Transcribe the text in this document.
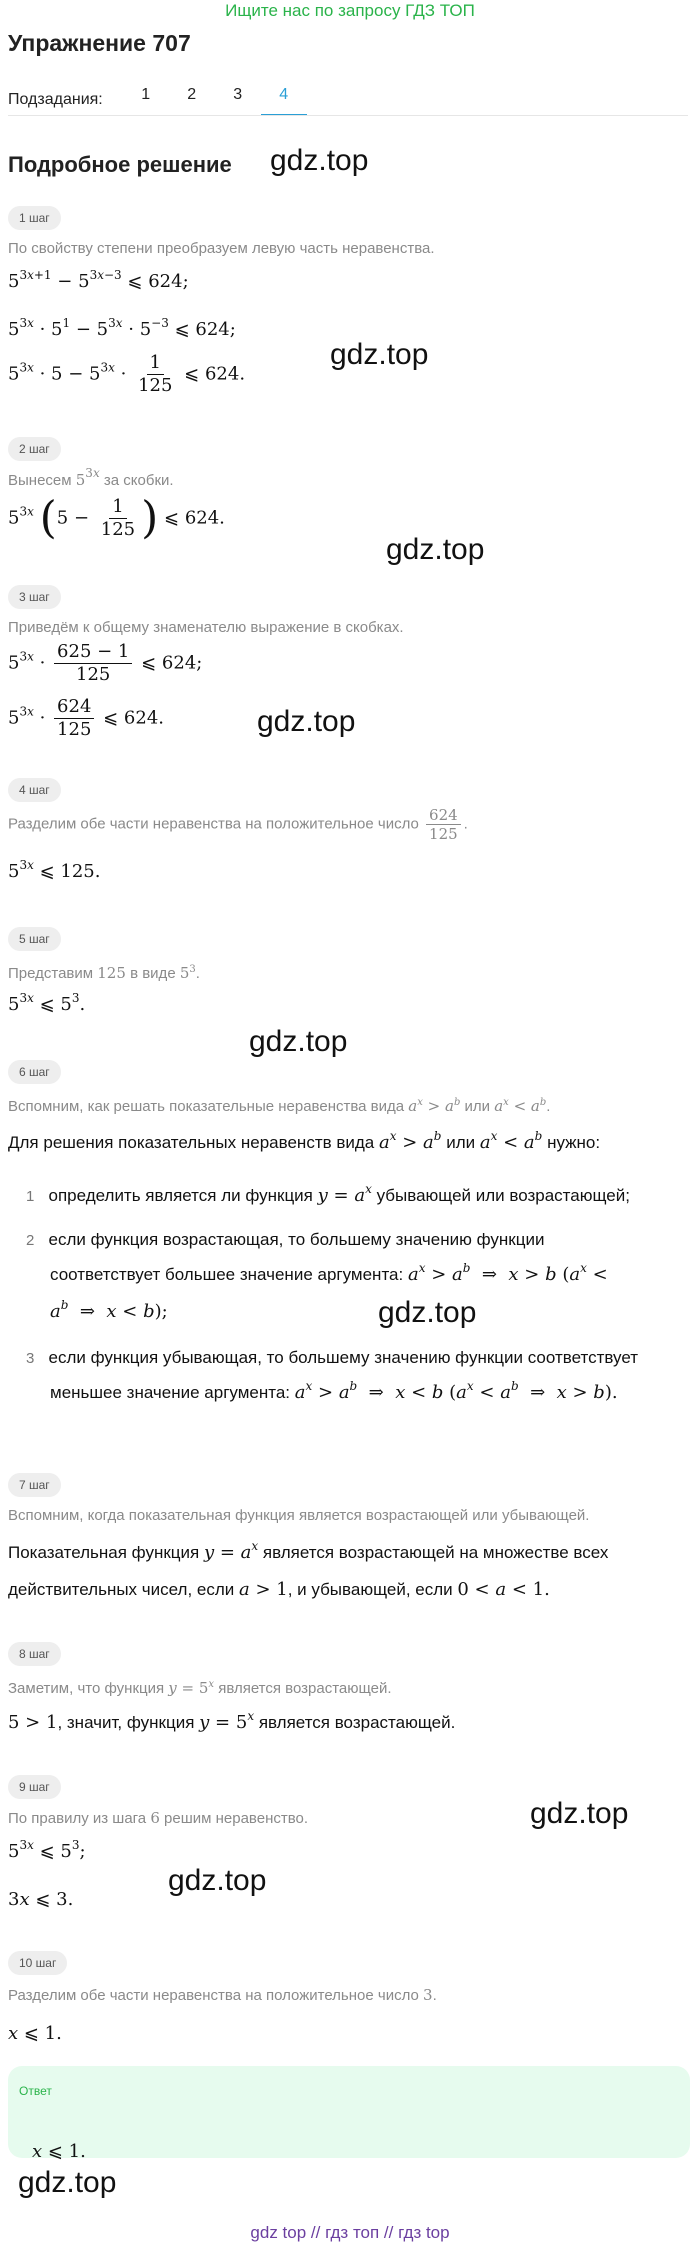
Ищите нас по запросу ГДЗ ТОП
Упражнение 707
Подзадания:	1	2	3	4
Подробное решение gdz.top
gdz.top
gdz.top
gdz.top
gdz.top
gdz.top
gdz.top
gdz.top
gdz.top
1 шаг
По свойству степени преобразуем левую часть неравенства.
$5^{3x+1} - 5^{3x-3}$ ⩽ 624;
$5^{3x} \cdot 5^1 - 5^{3x} \cdot 5^{-3}$ ⩽ 624;
$5^{3x} \cdot 5 - 5^{3x} \cdot \frac{1}{125}$ ⩽ 624.
2 шаг
Вынесем $5^{3x}$ за скобки.
$5^{3x}$ ($5 - \frac{1}{125}$ ) ⩽ 624.
3 шаг
Приведём к общему знаменателю выражение в скобках.
$5^{3x} \cdot \frac{625 - 1}{125}$ ⩽ 624;
$5^{3x} \cdot \frac{624}{125}$ ⩽ 624.
4 шаг
Разделим обе части неравенства на положительное число $\frac{624}{125}$ .
$5^{3x}$ ⩽ 125.
5 шаг
Представим 125 в виде $5^3$.
$5^{3x}$ ⩽ $5^3$.
6 шаг
Вспомним, как решать показательные неравенства вида $a^x > a^b$ или $a^x < a^b$.
Для решения показательных неравенств вида $a^x > a^b$ или $a^x < a^b$ нужно:
1 определить является ли функция $y = a^x$ убывающей или возрастающей;
2 если функция возрастающая, то большему значению функции
соответствует большее значение аргумента: $a^x > a^b$  ⇒  x > b ($a^x$ <
$a^b$  ⇒  x < b);
3 если функция убывающая, то большему значению функции соответствует
меньшее значение аргумента: $a^x > a^b$  ⇒  x < b ($a^x < a^b$  ⇒  x > b).
7 шаг
Вспомним, когда показательная функция является возрастающей или убывающей.
Показательная функция $y = a^x$ является возрастающей на множестве всех
действительных чисел, если a > 1, и убывающей, если 0 < a < 1.
8 шаг
Заметим, что функция $y = 5^x$ является возрастающей.
5 > 1, значит, функция $y = 5^x$ является возрастающей.
9 шаг
По правилу из шага 6 решим неравенство.
$5^{3x}$ ⩽ $5^3$;
3x ⩽ 3.
10 шаг
Разделим обе части неравенства на положительное число 3.
x ⩽ 1.
Ответ
x ⩽ 1.
gdz top // гдз топ // гдз top
